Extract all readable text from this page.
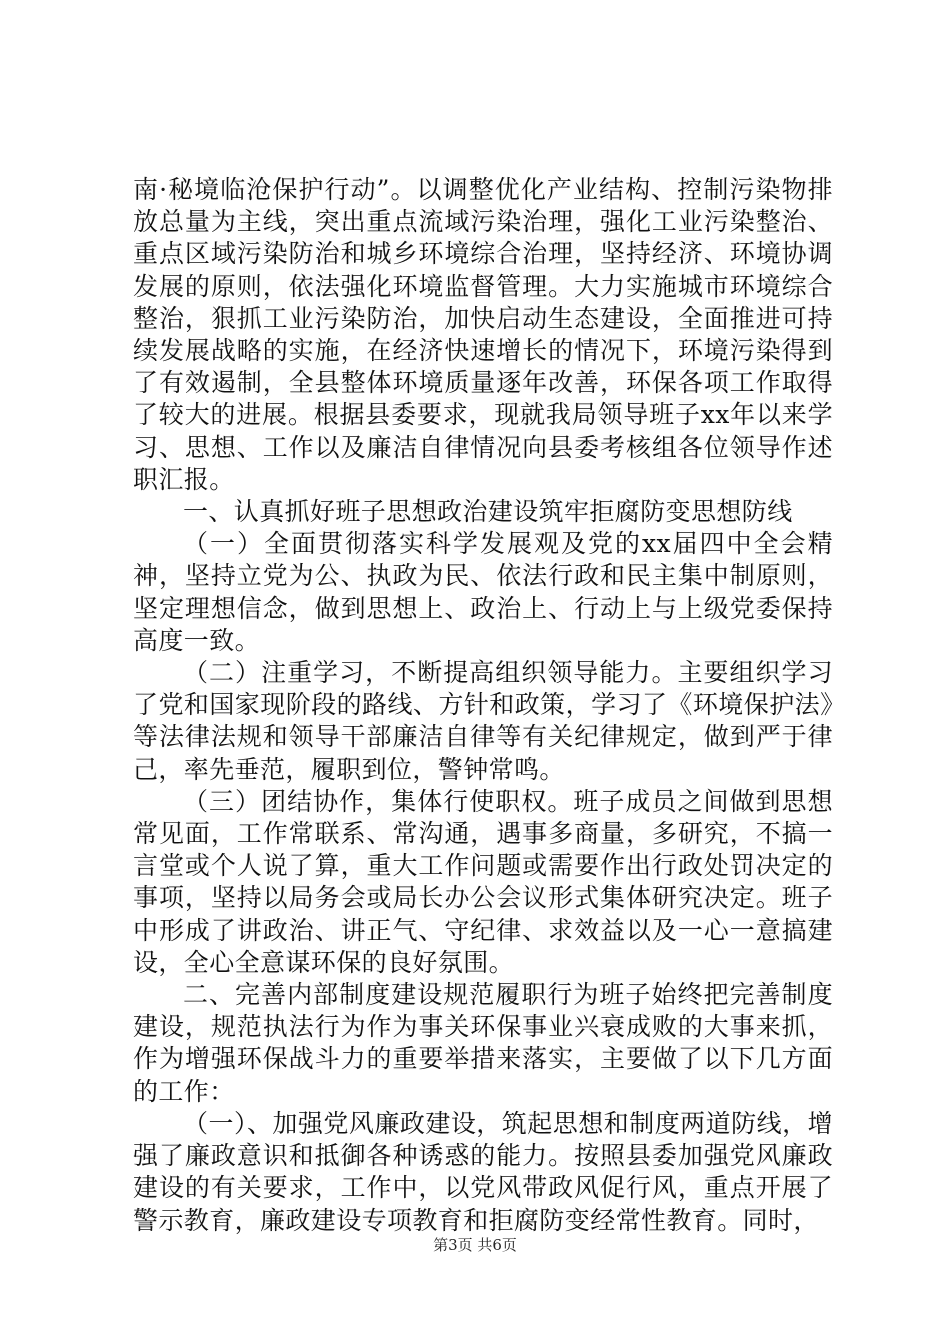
南·秘境临沧保护行动”。以调整优化产业结构、控制污染物排放总量为主线，突出重点流域污染治理，强化工业污染整治、重点区域污染防治和城乡环境综合治理，坚持经济、环境协调发展的原则，依法强化环境监督管理。大力实施城市环境综合整治，狠抓工业污染防治，加快启动生态建设，全面推进可持续发展战略的实施，在经济快速增长的情况下，环境污染得到了有效遏制，全县整体环境质量逐年改善，环保各项工作取得了较大的进展。根据县委要求，现就我局领导班子xx年以来学习、思想、工作以及廉洁自律情况向县委考核组各位领导作述职汇报。

一、认真抓好班子思想政治建设筑牢拒腐防变思想防线

（一）全面贯彻落实科学发展观及党的xx届四中全会精神，坚持立党为公、执政为民、依法行政和民主集中制原则，坚定理想信念，做到思想上、政治上、行动上与上级党委保持高度一致。

（二）注重学习，不断提高组织领导能力。主要组织学习了党和国家现阶段的路线、方针和政策，学习了《环境保护法》等法律法规和领导干部廉洁自律等有关纪律规定，做到严于律己，率先垂范，履职到位，警钟常鸣。

（三）团结协作，集体行使职权。班子成员之间做到思想常见面，工作常联系、常沟通，遇事多商量，多研究，不搞一言堂或个人说了算，重大工作问题或需要作出行政处罚决定的事项，坚持以局务会或局长办公会议形式集体研究决定。班子中形成了讲政治、讲正气、守纪律、求效益以及一心一意搞建设，全心全意谋环保的良好氛围。

二、完善内部制度建设规范履职行为班子始终把完善制度建设，规范执法行为作为事关环保事业兴衰成败的大事来抓，作为增强环保战斗力的重要举措来落实，主要做了以下几方面的工作：

（一）、加强党风廉政建设，筑起思想和制度两道防线，增强了廉政意识和抵御各种诱惑的能力。按照县委加强党风廉政建设的有关要求，工作中，以党风带政风促行风，重点开展了警示教育，廉政建设专项教育和拒腐防变经常性教育。同时，

第3页 共6页
